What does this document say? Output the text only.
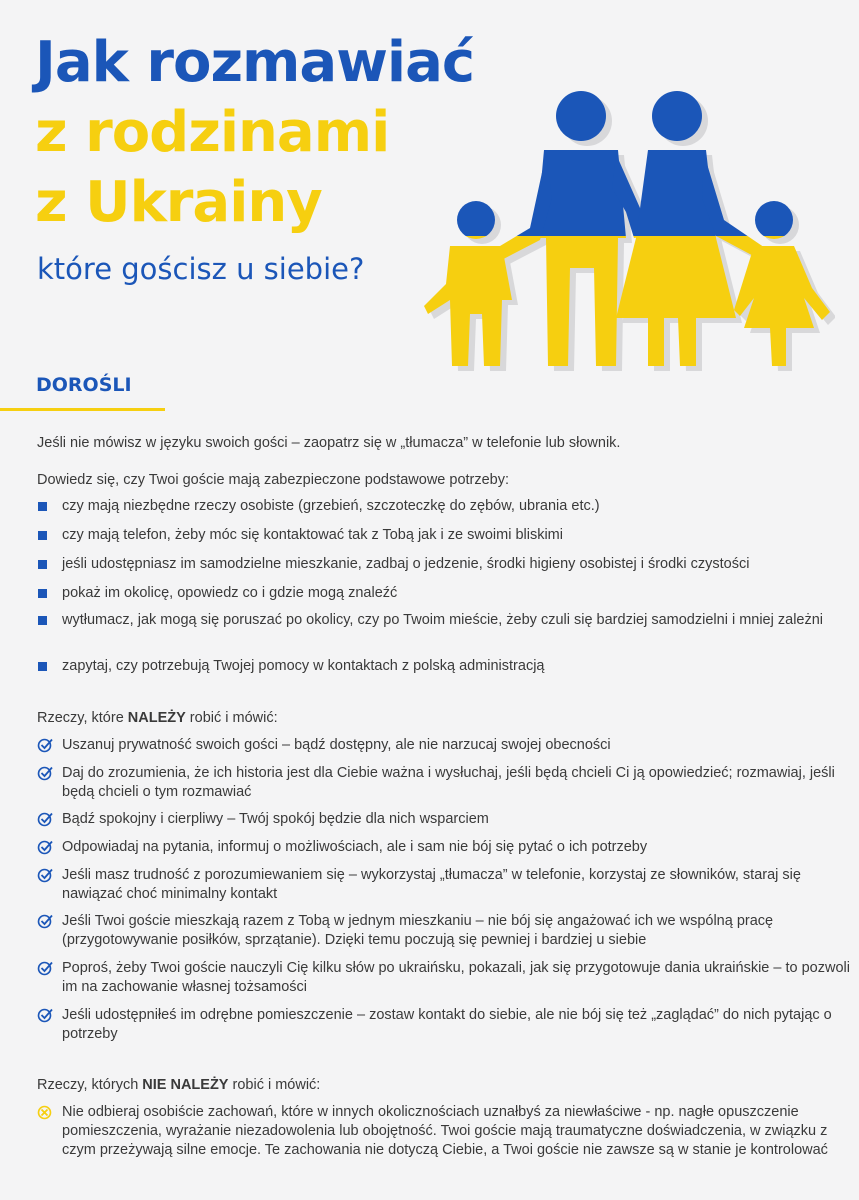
Jak rozmawiać
z rodzinami
z Ukrainy
które gościsz u siebie?
DOROŚLI
Jeśli nie mówisz w języku swoich gości – zaopatrz się w „tłumacza” w telefonie lub słownik.
Dowiedz się, czy Twoi goście mają zabezpieczone podstawowe potrzeby:
czy mają niezbędne rzeczy osobiste (grzebień, szczoteczkę do zębów, ubrania etc.)
czy mają telefon, żeby móc się kontaktować tak z Tobą jak i ze swoimi bliskimi
jeśli udostępniasz im samodzielne mieszkanie, zadbaj o jedzenie, środki higieny osobistej i środki czystości
pokaż im okolicę, opowiedz co i gdzie mogą znaleźć
wytłumacz, jak mogą się poruszać po okolicy, czy po Twoim mieście, żeby czuli się bardziej samodzielni i mniej zależni
zapytaj, czy potrzebują Twojej pomocy w kontaktach z polską administracją
Rzeczy, które NALEŻY robić i mówić:
Uszanuj prywatność swoich gości – bądź dostępny, ale nie narzucaj swojej obecności
Daj do zrozumienia, że ich historia jest dla Ciebie ważna i wysłuchaj, jeśli będą chcieli Ci ją opowiedzieć; rozmawiaj, jeśli będą chcieli o tym rozmawiać
Bądź spokojny i cierpliwy – Twój spokój będzie dla nich wsparciem
Odpowiadaj na pytania, informuj o możliwościach, ale i sam nie bój się pytać o ich potrzeby
Jeśli masz trudność z porozumiewaniem się – wykorzystaj „tłumacza” w telefonie, korzystaj ze słowników, staraj się nawiązać choć minimalny kontakt
Jeśli Twoi goście mieszkają razem z Tobą w jednym mieszkaniu – nie bój się angażować ich we wspólną pracę (przygotowywanie posiłków, sprzątanie). Dzięki temu poczują się pewniej i bardziej u siebie
Poproś, żeby Twoi goście nauczyli Cię kilku słów po ukraińsku, pokazali, jak się przygotowuje dania ukraińskie – to pozwoli im na zachowanie własnej tożsamości
Jeśli udostępniłeś im odrębne pomieszczenie – zostaw kontakt do siebie, ale nie bój się też „zaglądać” do nich pytając o potrzeby
Rzeczy, których NIE NALEŻY robić i mówić:
Nie odbieraj osobiście zachowań, które w innych okolicznościach uznałbyś za niewłaściwe - np. nagłe opuszczenie pomieszczenia, wyrażanie niezadowolenia lub obojętność. Twoi goście mają traumatyczne doświadczenia, w związku z czym przeżywają silne emocje. Te zachowania nie dotyczą Ciebie, a Twoi goście nie zawsze są w stanie je kontrolować
